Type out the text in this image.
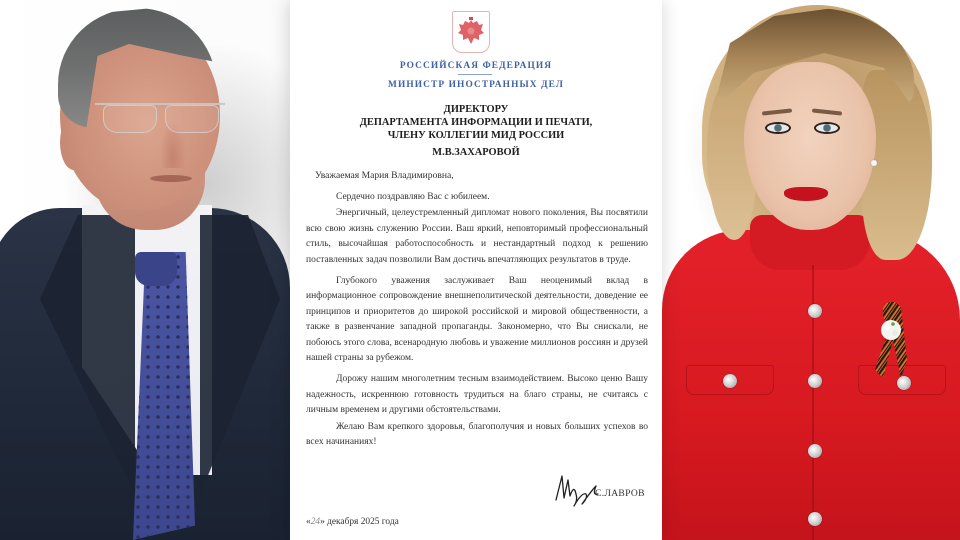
РОССИЙСКАЯ ФЕДЕРАЦИЯ
МИНИСТР ИНОСТРАННЫХ ДЕЛ
ДИРЕКТОРУ
ДЕПАРТАМЕНТА ИНФОРМАЦИИ И ПЕЧАТИ,
ЧЛЕНУ КОЛЛЕГИИ МИД РОССИИ
М.В.ЗАХАРОВОЙ
Уважаемая Мария Владимировна,

Сердечно поздравляю Вас с юбилеем.

Энергичный, целеустремленный дипломат нового поколения, Вы посвятили всю свою жизнь служению России. Ваш яркий, неповторимый профессиональный стиль, высочайшая работоспособность и нестандартный подход к решению поставленных задач позволили Вам достичь впечатляющих результатов в труде.

Глубокого уважения заслуживает Ваш неоценимый вклад в информационное сопровождение внешнеполитической деятельности, доведение ее принципов и приоритетов до широкой российской и мировой общественности, а также в развенчание западной пропаганды. Закономерно, что Вы снискали, не побоюсь этого слова, всенародную любовь и уважение миллионов россиян и друзей нашей страны за рубежом.

Дорожу нашим многолетним тесным взаимодействием. Высоко ценю Вашу надежность, искреннюю готовность трудиться на благо страны, не считаясь с личным временем и другими обстоятельствами.

Желаю Вам крепкого здоровья, благополучия и новых больших успехов во всех начинаниях!

С.ЛАВРОВ
«24» декабря 2025 года
